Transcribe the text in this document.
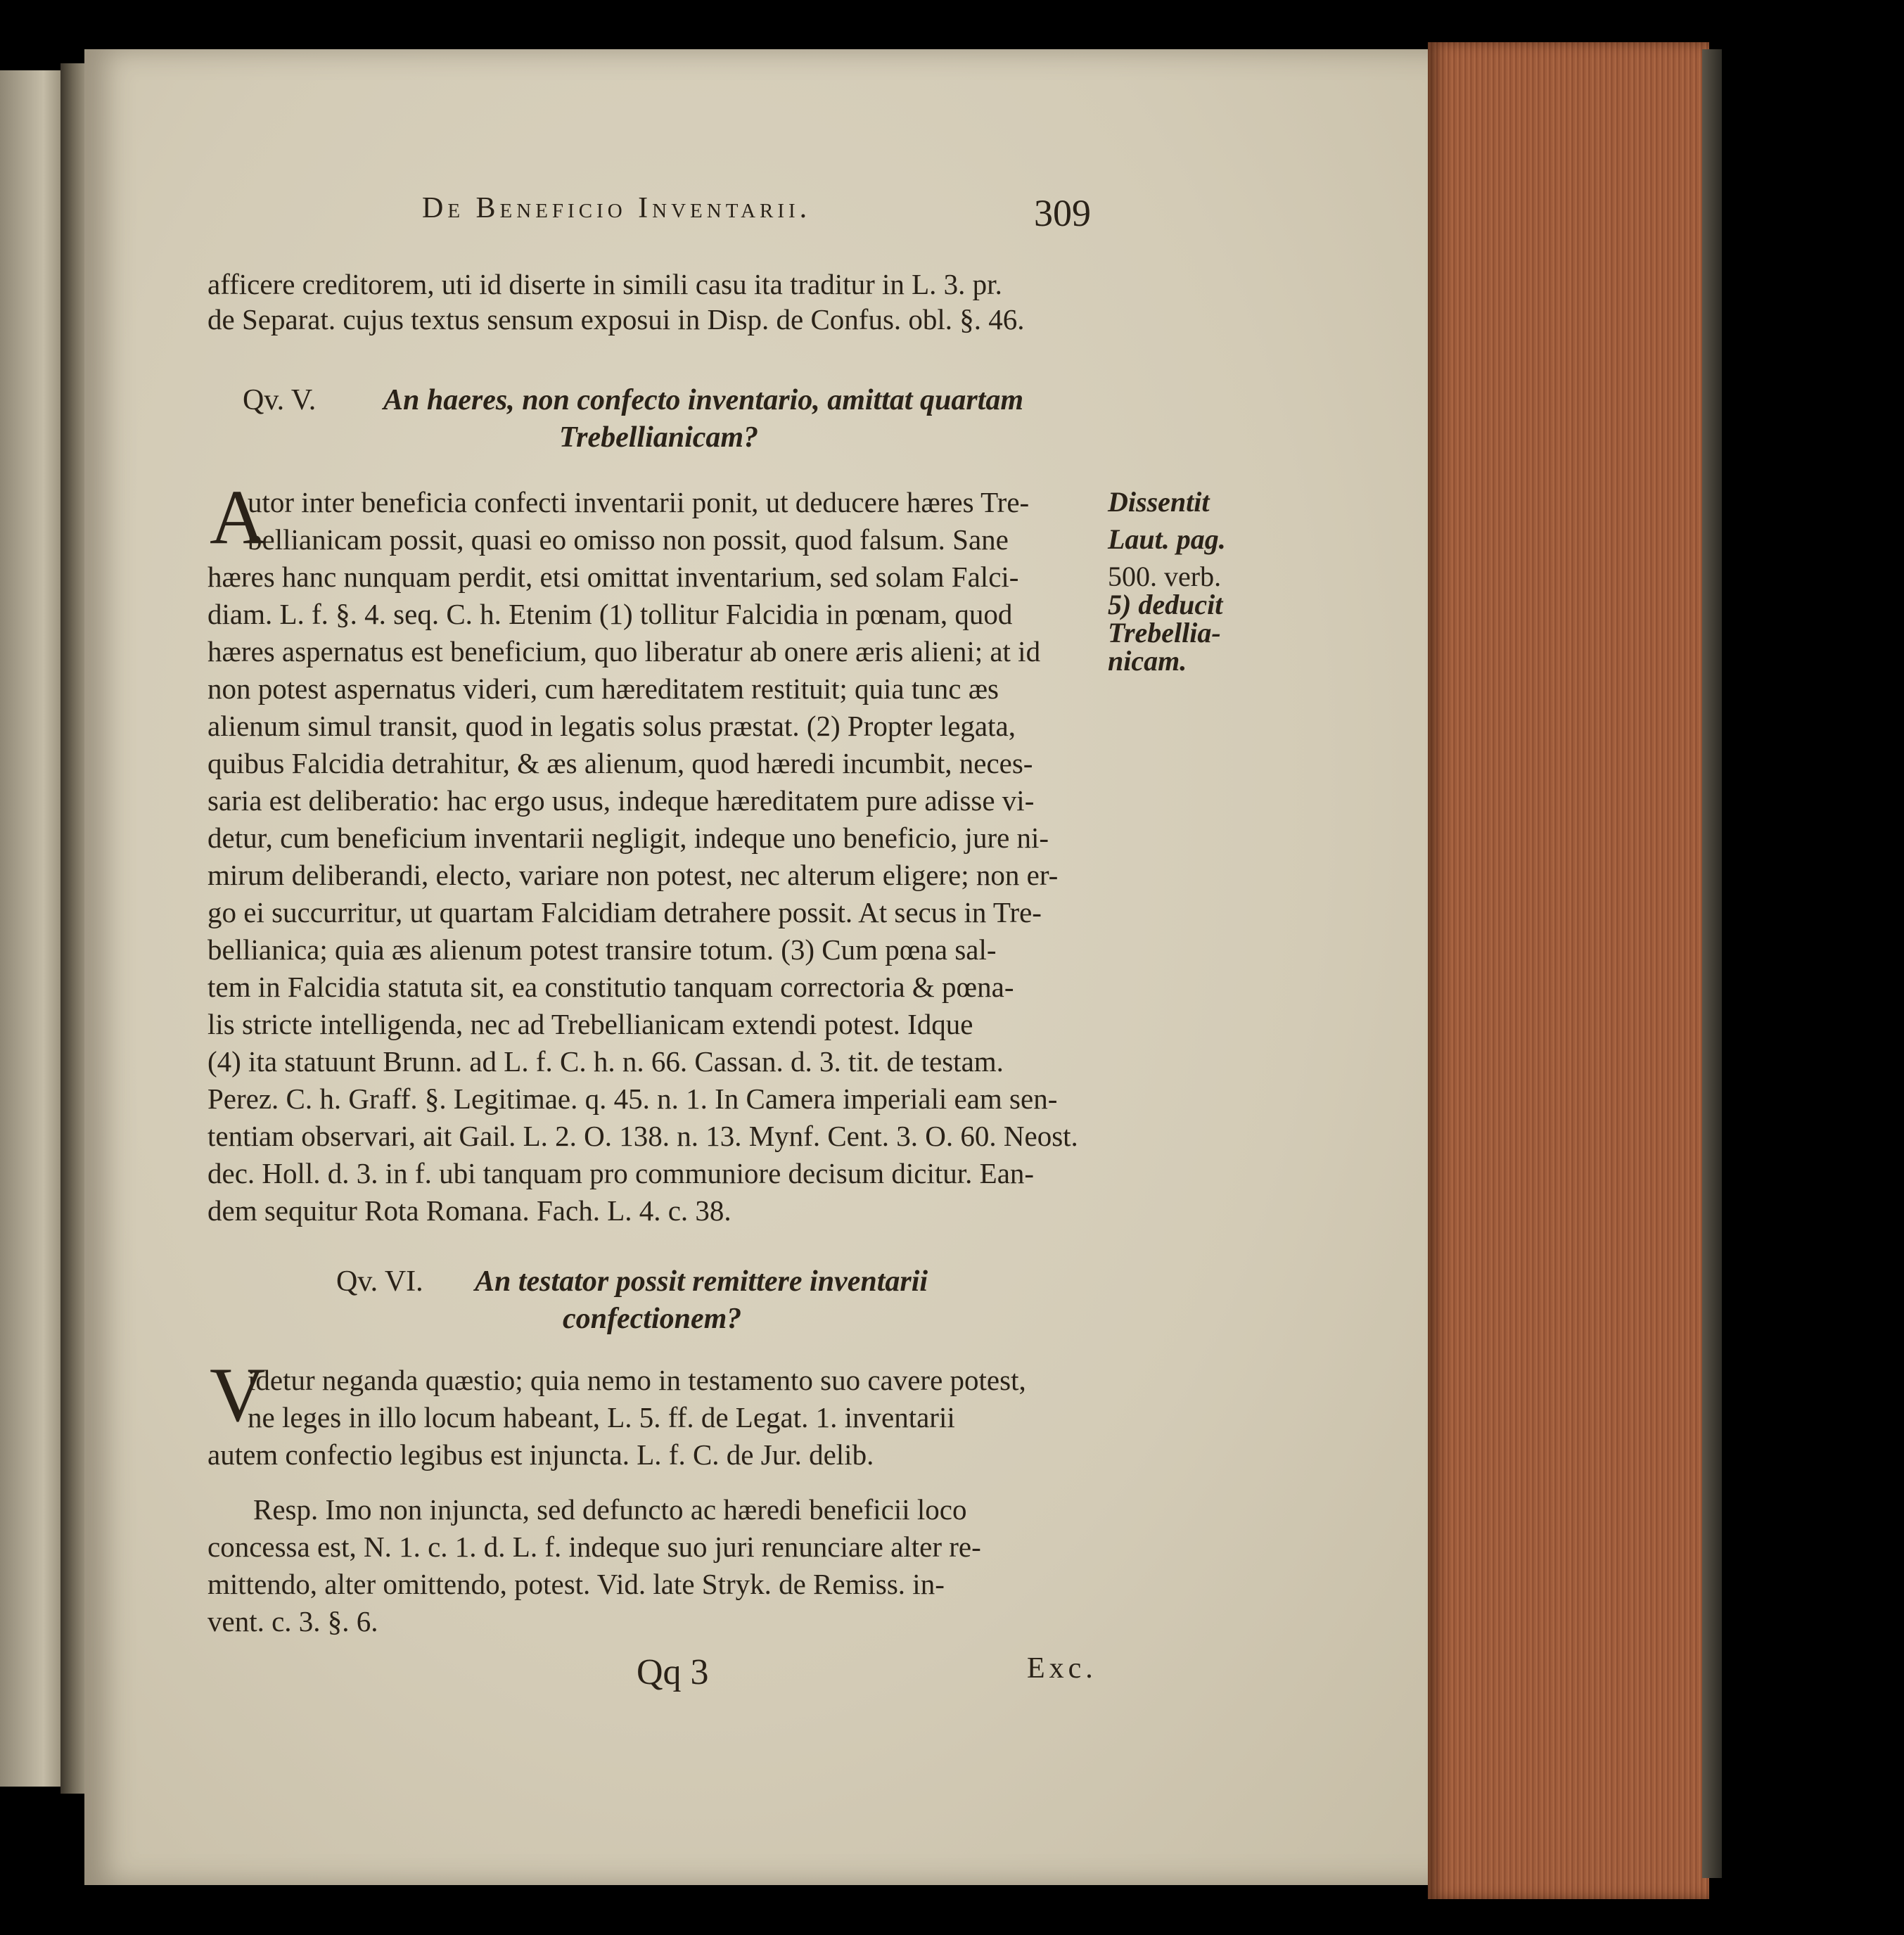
De Beneficio Inventarii.	309
afficere creditorem, uti id diserte in simili casu ita traditur in L. 3. pr.
de Separat. cujus textus sensum exposui in Disp. de Confus. obl. §. 46.
Qv. V. An haeres, non confecto inventario, amittat quartam
Trebellianicam?
A
utor inter beneficia confecti inventarii ponit, ut deducere hæres Tre-
bellianicam possit, quasi eo omisso non possit, quod falsum. Sane
hæres hanc nunquam perdit, etsi omittat inventarium, sed solam Falci-
diam. L. f. §. 4. seq. C. h. Etenim (1) tollitur Falcidia in pœnam, quod
hæres aspernatus est beneficium, quo liberatur ab onere æris alieni; at id
non potest aspernatus videri, cum hæreditatem restituit; quia tunc æs
alienum simul transit, quod in legatis solus præstat. (2) Propter legata,
quibus Falcidia detrahitur, & æs alienum, quod hæredi incumbit, neces-
saria est deliberatio: hac ergo usus, indeque hæreditatem pure adisse vi-
detur, cum beneficium inventarii negligit, indeque uno beneficio, jure ni-
mirum deliberandi, electo, variare non potest, nec alterum eligere; non er-
go ei succurritur, ut quartam Falcidiam detrahere possit. At secus in Tre-
bellianica; quia æs alienum potest transire totum. (3) Cum pœna sal-
tem in Falcidia statuta sit, ea constitutio tanquam correctoria & pœna-
lis stricte intelligenda, nec ad Trebellianicam extendi potest. Idque
(4) ita statuunt Brunn. ad L. f. C. h. n. 66. Cassan. d. 3. tit. de testam.
Perez. C. h. Graff. §. Legitimae. q. 45. n. 1. In Camera imperiali eam sen-
tentiam observari, ait Gail. L. 2. O. 138. n. 13. Mynf. Cent. 3. O. 60. Neost.
dec. Holl. d. 3. in f. ubi tanquam pro communiore decisum dicitur. Ean-
dem sequitur Rota Romana. Fach. L. 4. c. 38.
Dissentit
Laut. pag.
500. verb.
5) deducit
Trebellia-
nicam.
Qv. VI. An testator possit remittere inventarii
confectionem?
V
idetur neganda quæstio; quia nemo in testamento suo cavere potest,
ne leges in illo locum habeant, L. 5. ff. de Legat. 1. inventarii
autem confectio legibus est injuncta. L. f. C. de Jur. delib.
Resp. Imo non injuncta, sed defuncto ac hæredi beneficii loco
concessa est, N. 1. c. 1. d. L. f. indeque suo juri renunciare alter re-
mittendo, alter omittendo, potest. Vid. late Stryk. de Remiss. in-
vent. c. 3. §. 6.
Qq 3	Exc.
